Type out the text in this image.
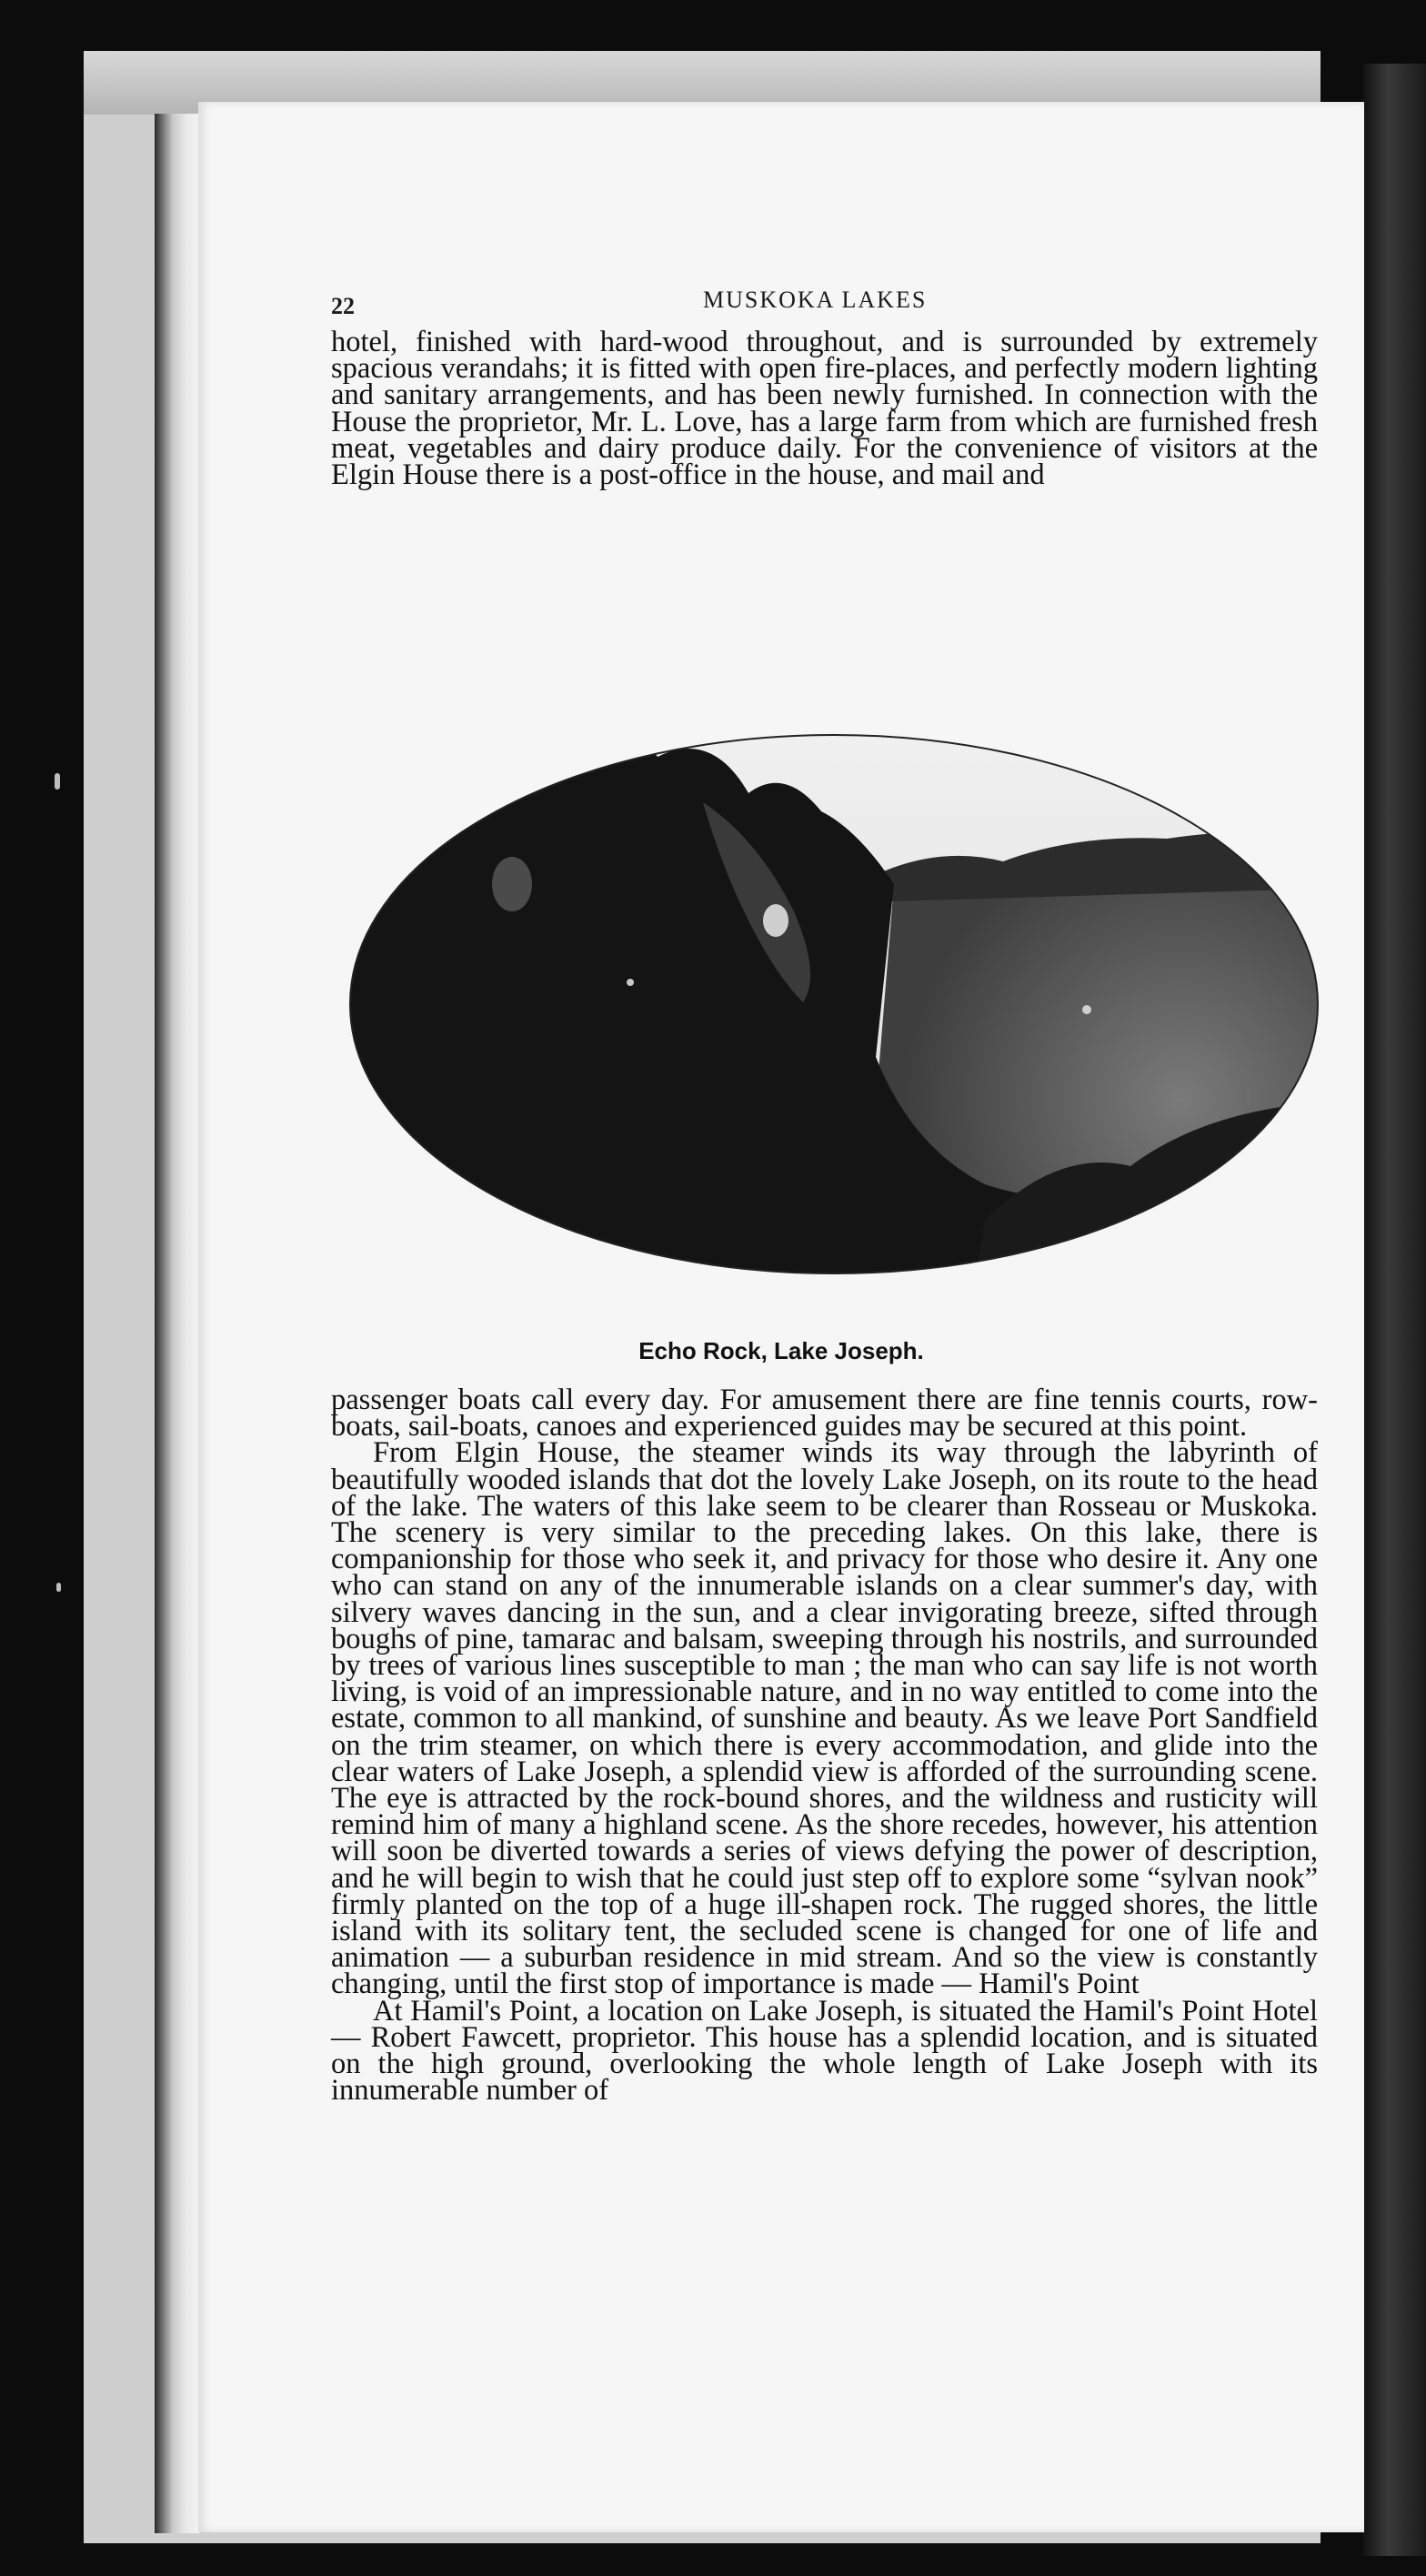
22	MUSKOKA LAKES

hotel, finished with hard-wood throughout, and is surrounded by extremely spacious verandahs; it is fitted with open fire-places, and perfectly modern lighting and sanitary arrangements, and has been newly furnished. In connection with the House the proprietor, Mr. L. Love, has a large farm from which are furnished fresh meat, vegetables and dairy produce daily. For the convenience of visitors at the Elgin House there is a post-office in the house, and mail and

Echo Rock, Lake Joseph.

passenger boats call every day. For amusement there are fine tennis courts, row-boats, sail-boats, canoes and experienced guides may be secured at this point.

From Elgin House, the steamer winds its way through the labyrinth of beautifully wooded islands that dot the lovely Lake Joseph, on its route to the head of the lake. The waters of this lake seem to be clearer than Rosseau or Muskoka. The scenery is very similar to the preceding lakes. On this lake, there is companionship for those who seek it, and privacy for those who desire it. Any one who can stand on any of the innumerable islands on a clear summer's day, with silvery waves dancing in the sun, and a clear invigorating breeze, sifted through boughs of pine, tamarac and balsam, sweeping through his nostrils, and surrounded by trees of various lines susceptible to man ; the man who can say life is not worth living, is void of an impressionable nature, and in no way entitled to come into the estate, common to all mankind, of sunshine and beauty. As we leave Port Sandfield on the trim steamer, on which there is every accommodation, and glide into the clear waters of Lake Joseph, a splendid view is afforded of the surrounding scene. The eye is attracted by the rock-bound shores, and the wildness and rusticity will remind him of many a highland scene. As the shore recedes, however, his attention will soon be diverted towards a series of views defying the power of description, and he will begin to wish that he could just step off to explore some “sylvan nook” firmly planted on the top of a huge ill-shapen rock. The rugged shores, the little island with its solitary tent, the secluded scene is changed for one of life and animation — a suburban residence in mid stream. And so the view is constantly changing, until the first stop of importance is made — Hamil's Point

At Hamil's Point, a location on Lake Joseph, is situated the Hamil's Point Hotel — Robert Fawcett, proprietor. This house has a splendid location, and is situated on the high ground, overlooking the whole length of Lake Joseph with its innumerable number of
